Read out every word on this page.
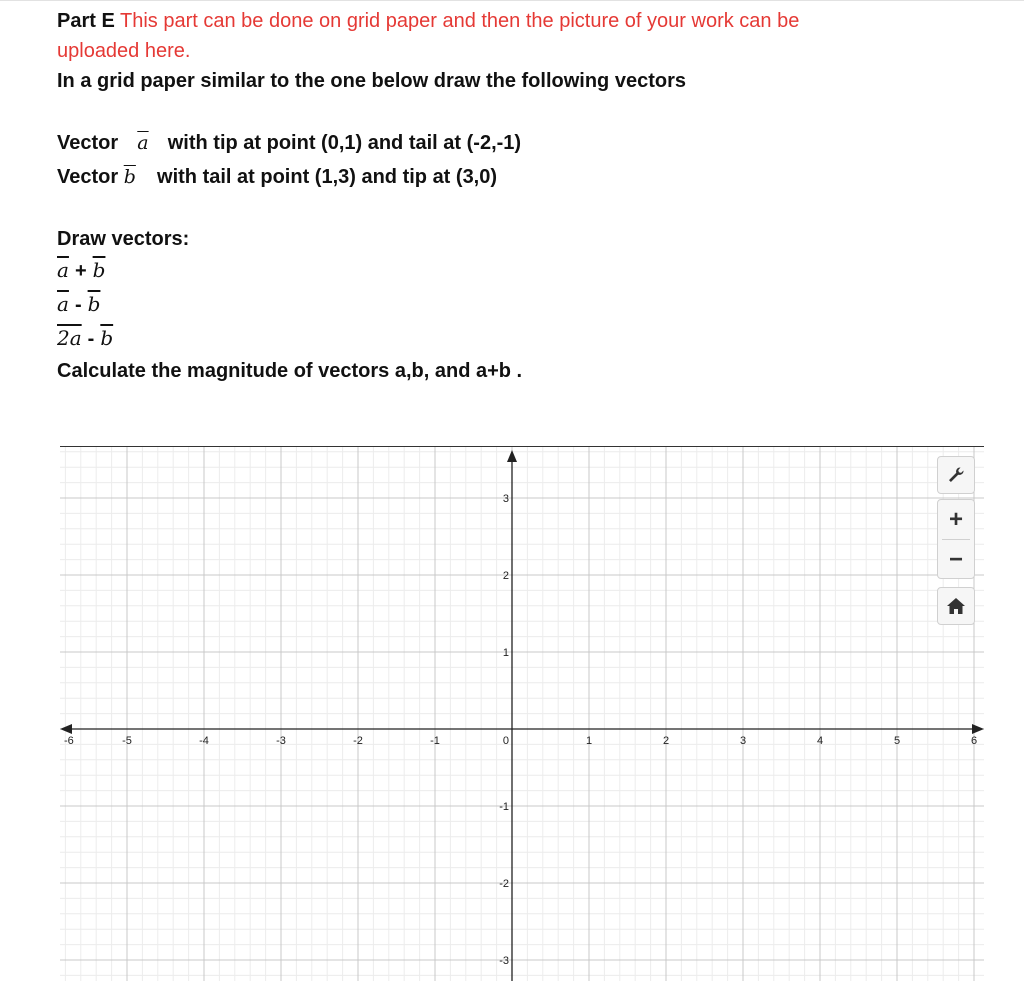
Part E This part can be done on grid paper and then the picture of your work can be
uploaded here.
In a grid paper similar to the one below draw the following vectors
Vector $\overline{a}$ with tip at point (0,1) and tail at (-2,-1)
Vector $\overline{b}$ with tail at point (1,3) and tip at (3,0)
Draw vectors:
$\overline{a} + \overline{b}$
$\overline{a} - \overline{b}$
$2a - \overline{b}$
Calculate the magnitude of vectors a,b, and a+b .
-6	-5	-4	-3	-2	-1	0	1	2	3	4	5	6
3
2
1
-1
-2
-3
+
−
